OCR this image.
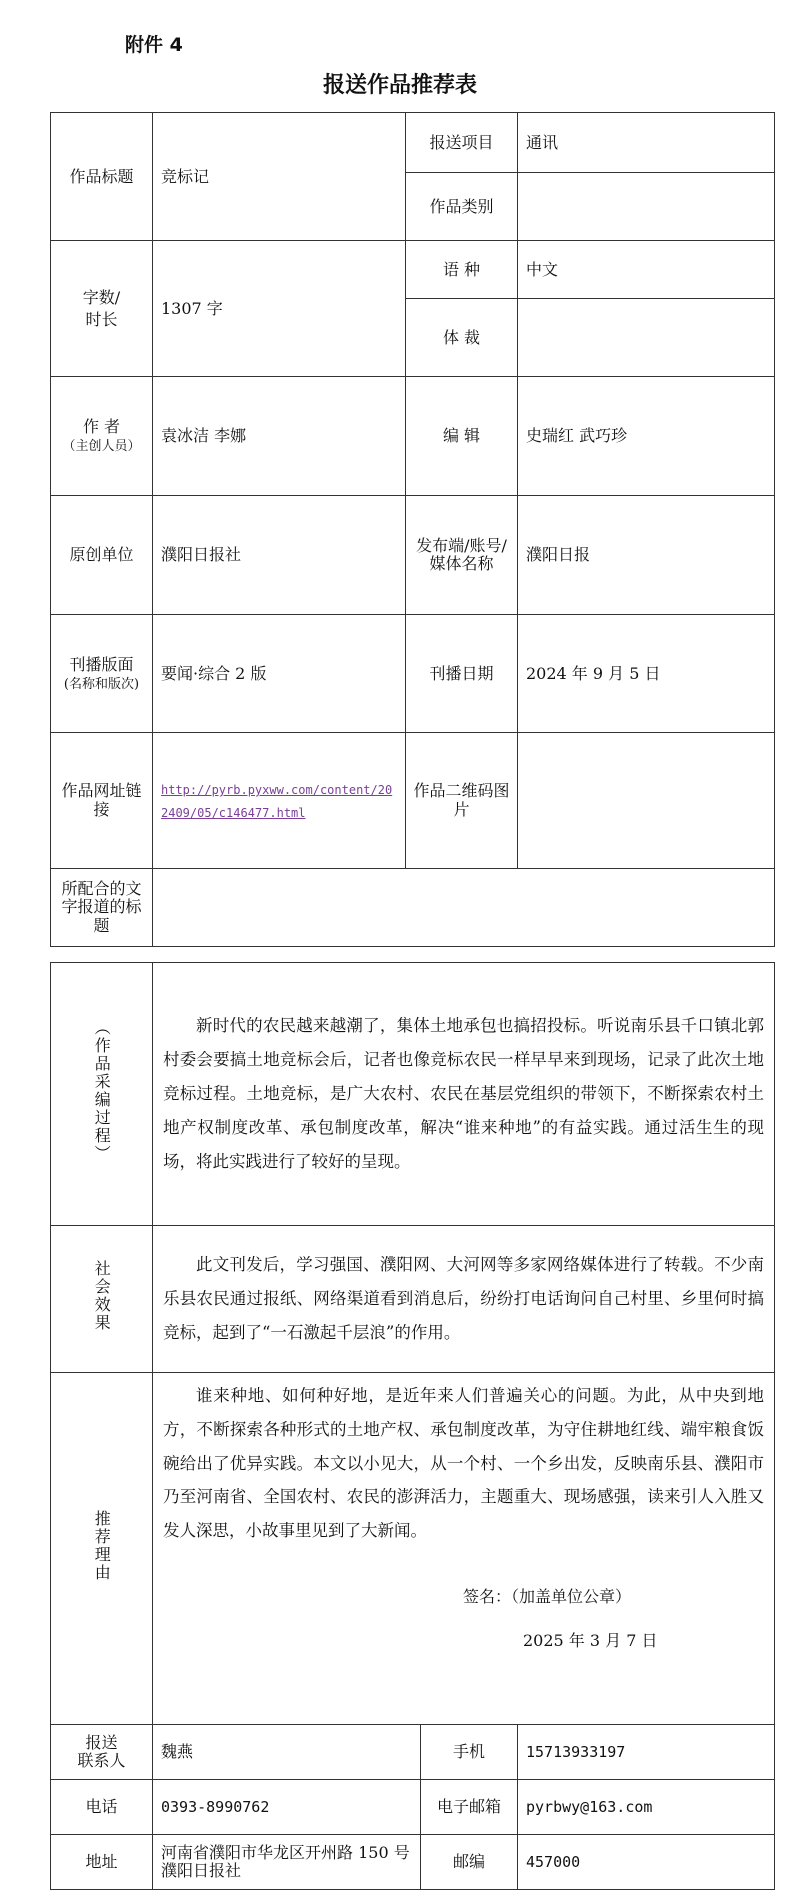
附件 4
报送作品推荐表
作品标题	竞标记	报送项目	通讯
		作品类别	

字数/
时长	1307 字	语 种	中文
		体 裁	

作 者
（主创人员）	袁冰洁 李娜	编 辑	史瑞红 武巧珍
原创单位	濮阳日报社	发布端/账号/媒体名称	濮阳日报

刊播版面
(名称和版次)	要闻·综合 2 版	刊播日期	2024 年 9 月 5 日
作品网址链接	http://pyrb.pyxww.com/content/202409/05/c146477.html	作品二维码图片	
所配合的文字报道的标题			
（作品采编过程）	新时代的农民越来越潮了，集体土地承包也搞招投标。听说南乐县千口镇北郭村委会要搞土地竞标会后，记者也像竞标农民一样早早来到现场，记录了此次土地竞标过程。土地竞标，是广大农村、农民在基层党组织的带领下，不断探索农村土地产权制度改革、承包制度改革，解决“谁来种地”的有益实践。通过活生生的现场，将此实践进行了较好的呈现。
社会效果	此文刊发后，学习强国、濮阳网、大河网等多家网络媒体进行了转载。不少南乐县农民通过报纸、网络渠道看到消息后，纷纷打电话询问自己村里、乡里何时搞竞标，起到了“一石激起千层浪”的作用。
推荐理由	谁来种地、如何种好地，是近年来人们普遍关心的问题。为此，从中央到地方，不断探索各种形式的土地产权、承包制度改革，为守住耕地红线、端牢粮食饭碗给出了优异实践。本文以小见大，从一个村、一个乡出发，反映南乐县、濮阳市乃至河南省、全国农村、农民的澎湃活力，主题重大、现场感强，读来引人入胜又发人深思，小故事里见到了大新闻。
签名：（加盖单位公章）
2025 年 3 月 7 日
报送
联系人	魏燕	手机	15713933197
电话	0393-8990762	电子邮箱	pyrbwy@163.com
地址	河南省濮阳市华龙区开州路 150 号濮阳日报社	邮编	457000
